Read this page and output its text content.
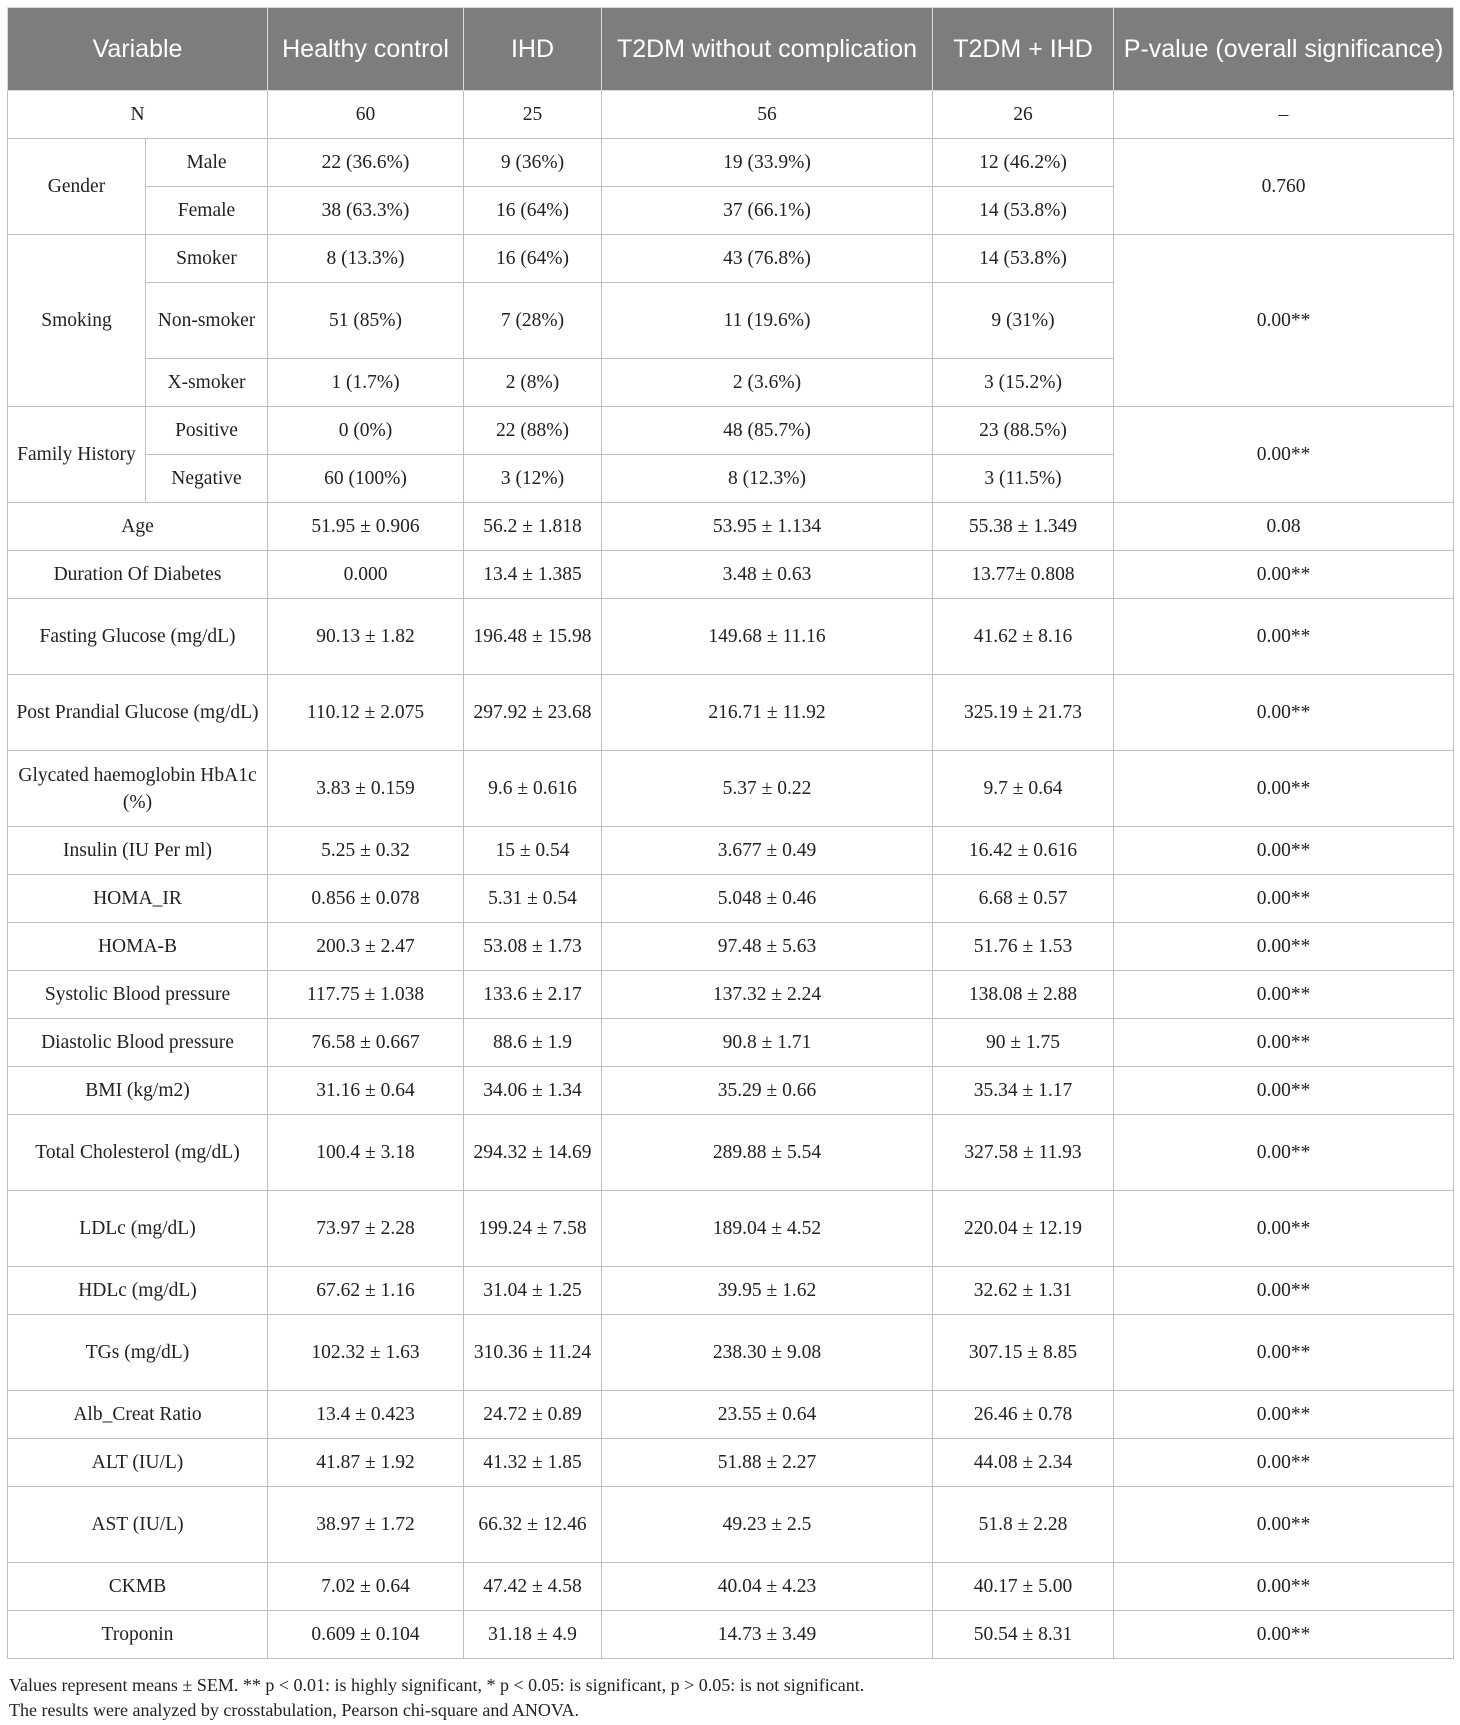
Variable		Healthy control	IHD	T2DM without complication	T2DM + IHD	P-value (overall significance)
N		60	25	56	26	–
Gender	Male	22 (36.6%)	9 (36%)	19 (33.9%)	12 (46.2%)	0.760
	Female	38 (63.3%)	16 (64%)	37 (66.1%)	14 (53.8%)	
Smoking	Smoker	8 (13.3%)	16 (64%)	43 (76.8%)	14 (53.8%)	0.00**
	Non-smoker	51 (85%)	7 (28%)	11 (19.6%)	9 (31%)	
	X-smoker	1 (1.7%)	2 (8%)	2 (3.6%)	3 (15.2%)	
Family History	Positive	0 (0%)	22 (88%)	48 (85.7%)	23 (88.5%)	0.00**
	Negative	60 (100%)	3 (12%)	8 (12.3%)	3 (11.5%)	
Age		51.95 ± 0.906	56.2 ± 1.818	53.95 ± 1.134	55.38 ± 1.349	0.08
Duration Of Diabetes		0.000	13.4 ± 1.385	3.48 ± 0.63	13.77± 0.808	0.00**
Fasting Glucose (mg/dL)		90.13 ± 1.82	196.48 ± 15.98	149.68 ± 11.16	41.62 ± 8.16	0.00**
Post Prandial Glucose (mg/dL)		110.12 ± 2.075	297.92 ± 23.68	216.71 ± 11.92	325.19 ± 21.73	0.00**
Glycated haemoglobin HbA1c (%)		3.83 ± 0.159	9.6 ± 0.616	5.37 ± 0.22	9.7 ± 0.64	0.00**
Insulin (IU Per ml)		5.25 ± 0.32	15 ± 0.54	3.677 ± 0.49	16.42 ± 0.616	0.00**
HOMA_IR		0.856 ± 0.078	5.31 ± 0.54	5.048 ± 0.46	6.68 ± 0.57	0.00**
HOMA-B		200.3 ± 2.47	53.08 ± 1.73	97.48 ± 5.63	51.76 ± 1.53	0.00**
Systolic Blood pressure		117.75 ± 1.038	133.6 ± 2.17	137.32 ± 2.24	138.08 ± 2.88	0.00**
Diastolic Blood pressure		76.58 ± 0.667	88.6 ± 1.9	90.8 ± 1.71	90 ± 1.75	0.00**
BMI (kg/m2)		31.16 ± 0.64	34.06 ± 1.34	35.29 ± 0.66	35.34 ± 1.17	0.00**
Total Cholesterol (mg/dL)		100.4 ± 3.18	294.32 ± 14.69	289.88 ± 5.54	327.58 ± 11.93	0.00**
LDLc (mg/dL)		73.97 ± 2.28	199.24 ± 7.58	189.04 ± 4.52	220.04 ± 12.19	0.00**
HDLc (mg/dL)		67.62 ± 1.16	31.04 ± 1.25	39.95 ± 1.62	32.62 ± 1.31	0.00**
TGs (mg/dL)		102.32 ± 1.63	310.36 ± 11.24	238.30 ± 9.08	307.15 ± 8.85	0.00**
Alb_Creat Ratio		13.4 ± 0.423	24.72 ± 0.89	23.55 ± 0.64	26.46 ± 0.78	0.00**
ALT (IU/L)		41.87 ± 1.92	41.32 ± 1.85	51.88 ± 2.27	44.08 ± 2.34	0.00**
AST (IU/L)		38.97 ± 1.72	66.32 ± 12.46	49.23 ± 2.5	51.8 ± 2.28	0.00**
CKMB		7.02 ± 0.64	47.42 ± 4.58	40.04 ± 4.23	40.17 ± 5.00	0.00**
Troponin		0.609 ± 0.104	31.18 ± 4.9	14.73 ± 3.49	50.54 ± 8.31	0.00**
Values represent means ± SEM. ** p < 0.01: is highly significant, * p < 0.05: is significant, p > 0.05: is not significant.
The results were analyzed by crosstabulation, Pearson chi-square and ANOVA.
